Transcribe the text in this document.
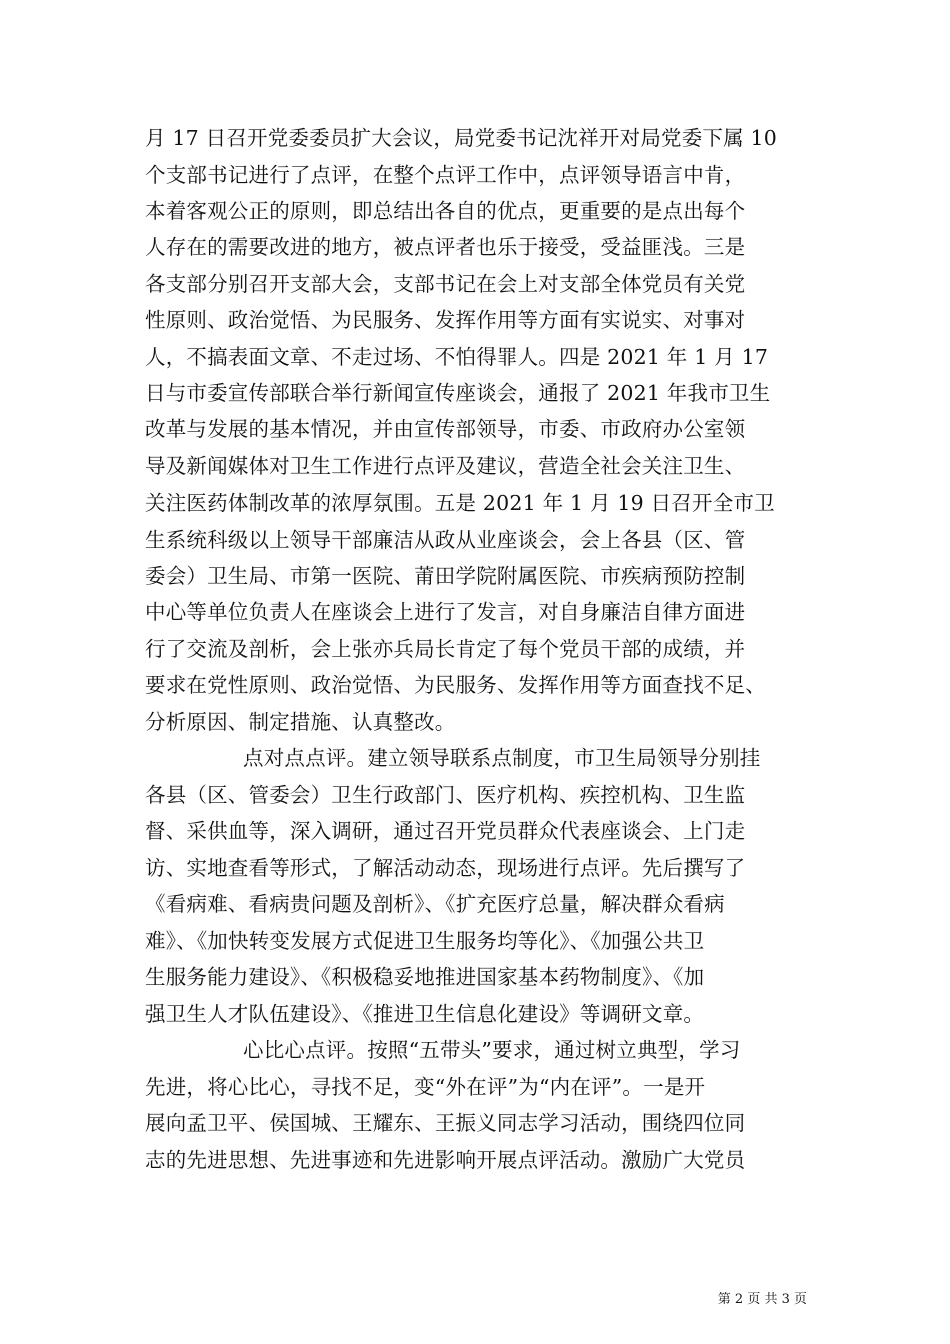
月 17 日召开党委委员扩大会议，局党委书记沈祥开对局党委下属 10
个支部书记进行了点评，在整个点评工作中，点评领导语言中肯，
本着客观公正的原则，即总结出各自的优点，更重要的是点出每个
人存在的需要改进的地方，被点评者也乐于接受，受益匪浅。三是
各支部分别召开支部大会，支部书记在会上对支部全体党员有关党
性原则、政治觉悟、为民服务、发挥作用等方面有实说实、对事对
人，不搞表面文章、不走过场、不怕得罪人。四是 2021 年 1 月 17
日与市委宣传部联合举行新闻宣传座谈会，通报了 2021 年我市卫生
改革与发展的基本情况，并由宣传部领导，市委、市政府办公室领
导及新闻媒体对卫生工作进行点评及建议，营造全社会关注卫生、
关注医药体制改革的浓厚氛围。五是 2021 年 1 月 19 日召开全市卫
生系统科级以上领导干部廉洁从政从业座谈会，会上各县（区、管
委会）卫生局、市第一医院、莆田学院附属医院、市疾病预防控制
中心等单位负责人在座谈会上进行了发言，对自身廉洁自律方面进
行了交流及剖析，会上张亦兵局长肯定了每个党员干部的成绩，并
要求在党性原则、政治觉悟、为民服务、发挥作用等方面查找不足、
分析原因、制定措施、认真整改。
点对点点评。建立领导联系点制度，市卫生局领导分别挂
各县（区、管委会）卫生行政部门、医疗机构、疾控机构、卫生监
督、采供血等，深入调研，通过召开党员群众代表座谈会、上门走
访、实地查看等形式，了解活动动态，现场进行点评。先后撰写了
《看病难、看病贵问题及剖析》、《扩充医疗总量，解决群众看病
难》、《加快转变发展方式促进卫生服务均等化》、《加强公共卫
生服务能力建设》、《积极稳妥地推进国家基本药物制度》、《加
强卫生人才队伍建设》、《推进卫生信息化建设》等调研文章。
心比心点评。按照“五带头”要求，通过树立典型，学习
先进，将心比心，寻找不足，变“外在评”为“内在评”。一是开
展向孟卫平、侯国城、王耀东、王振义同志学习活动，围绕四位同
志的先进思想、先进事迹和先进影响开展点评活动。激励广大党员
第 2 页 共 3 页
